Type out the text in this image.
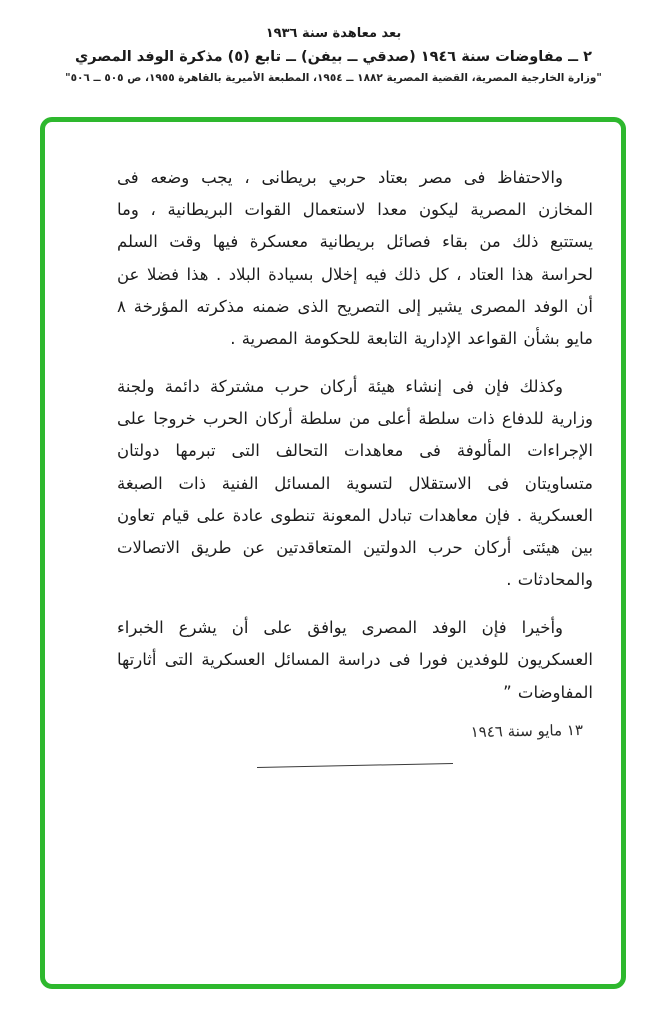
بعد معاهدة سنة ١٩٣٦
٢ ــ مفاوضات سنة ١٩٤٦ (صدقي ــ بيفن) ــ تابع (٥) مذكرة الوفد المصري
"وزارة الخارجية المصرية، القضية المصرية ١٨٨٢ ــ ١٩٥٤، المطبعة الأميرية بالقاهرة ١٩٥٥، ص ٥٠٥ ــ ٥٠٦"

والاحتفاظ فى مصر بعتاد حربي بريطانى ، يجب وضعه فى المخازن المصرية ليكون معدا لاستعمال القوات البريطانية ، وما يستتبع ذلك من بقاء فصائل بريطانية معسكرة فيها وقت السلم لحراسة هذا العتاد ، كل ذلك فيه إخلال بسيادة البلاد . هذا فضلا عن أن الوفد المصرى يشير إلى التصريح الذى ضمنه مذكرته المؤرخة ٨ مايو بشأن القواعد الإدارية التابعة للحكومة المصرية .

وكذلك فإن فى إنشاء هيئة أركان حرب مشتركة دائمة ولجنة وزارية للدفاع ذات سلطة أعلى من سلطة أركان الحرب خروجا على الإجراءات المألوفة فى معاهدات التحالف التى تبرمها دولتان متساويتان فى الاستقلال لتسوية المسائل الفنية ذات الصبغة العسكرية . فإن معاهدات تبادل المعونة تنطوى عادة على قيام تعاون بين هيئتى أركان حرب الدولتين المتعاقدتين عن طريق الاتصالات والمحادثات .

وأخيرا فإن الوفد المصرى يوافق على أن يشرع الخبراء العسكريون للوفدين فورا فى دراسة المسائل العسكرية التى أثارتها المفاوضات ”

١٣ مايو سنة ١٩٤٦
